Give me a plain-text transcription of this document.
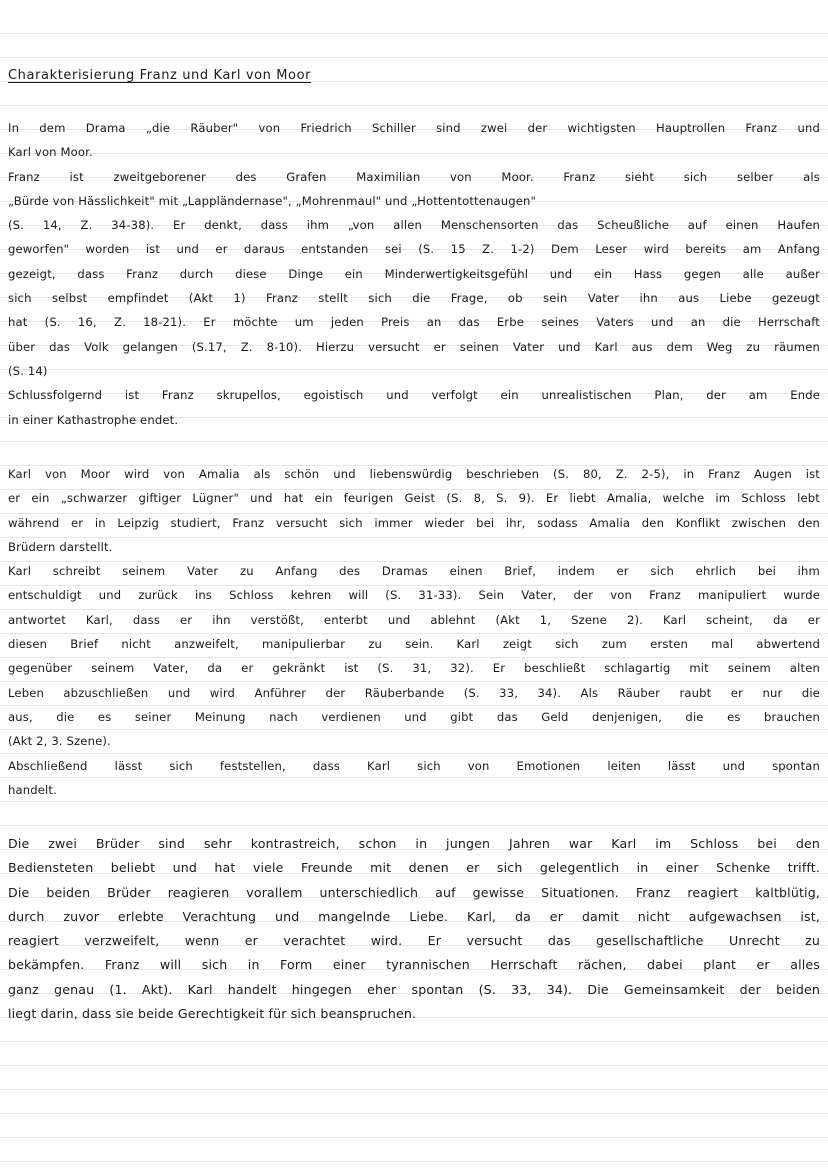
Charakterisierung Franz und Karl von Moor
In dem Drama „die Räuber" von Friedrich Schiller sind zwei der wichtigsten Hauptrollen Franz und
Karl von Moor.
Franz ist zweitgeborener des Grafen Maximilian von Moor. Franz sieht sich selber als
„Bürde von Hässlichkeit" mit „Lappländernase", „Mohrenmaul" und „Hottentottenaugen"
(S. 14, Z. 34-38). Er denkt, dass ihm „von allen Menschensorten das Scheußliche auf einen Haufen
geworfen" worden ist und er daraus entstanden sei (S. 15 Z. 1-2) Dem Leser wird bereits am Anfang
gezeigt, dass Franz durch diese Dinge ein Minderwertigkeitsgefühl und ein Hass gegen alle außer
sich selbst empfindet (Akt 1) Franz stellt sich die Frage, ob sein Vater ihn aus Liebe gezeugt
hat (S. 16, Z. 18-21). Er möchte um jeden Preis an das Erbe seines Vaters und an die Herrschaft
über das Volk gelangen (S.17, Z. 8-10). Hierzu versucht er seinen Vater und Karl aus dem Weg zu räumen
(S. 14)
Schlussfolgernd ist Franz skrupellos, egoistisch und verfolgt ein unrealistischen Plan, der am Ende
in einer Kathastrophe endet.
Karl von Moor wird von Amalia als schön und liebenswürdig beschrieben (S. 80, Z. 2-5), in Franz Augen ist
er ein „schwarzer giftiger Lügner" und hat ein feurigen Geist (S. 8, S. 9). Er liebt Amalia, welche im Schloss lebt
während er in Leipzig studiert, Franz versucht sich immer wieder bei ihr, sodass Amalia den Konflikt zwischen den
Brüdern darstellt.
Karl schreibt seinem Vater zu Anfang des Dramas einen Brief, indem er sich ehrlich bei ihm
entschuldigt und zurück ins Schloss kehren will (S. 31-33). Sein Vater, der von Franz manipuliert wurde
antwortet Karl, dass er ihn verstößt, enterbt und ablehnt (Akt 1, Szene 2). Karl scheint, da er
diesen Brief nicht anzweifelt, manipulierbar zu sein. Karl zeigt sich zum ersten mal abwertend
gegenüber seinem Vater, da er gekränkt ist (S. 31, 32). Er beschließt schlagartig mit seinem alten
Leben abzuschließen und wird Anführer der Räuberbande (S. 33, 34). Als Räuber raubt er nur die
aus, die es seiner Meinung nach verdienen und gibt das Geld denjenigen, die es brauchen
(Akt 2, 3. Szene).
Abschließend lässt sich feststellen, dass Karl sich von Emotionen leiten lässt und spontan
handelt.
Die zwei Brüder sind sehr kontrastreich, schon in jungen Jahren war Karl im Schloss bei den
Bediensteten beliebt und hat viele Freunde mit denen er sich gelegentlich in einer Schenke trifft.
Die beiden Brüder reagieren vorallem unterschiedlich auf gewisse Situationen. Franz reagiert kaltblütig,
durch zuvor erlebte Verachtung und mangelnde Liebe. Karl, da er damit nicht aufgewachsen ist,
reagiert verzweifelt, wenn er verachtet wird. Er versucht das gesellschaftliche Unrecht zu
bekämpfen. Franz will sich in Form einer tyrannischen Herrschaft rächen, dabei plant er alles
ganz genau (1. Akt). Karl handelt hingegen eher spontan (S. 33, 34). Die Gemeinsamkeit der beiden
liegt darin, dass sie beide Gerechtigkeit für sich beanspruchen.
